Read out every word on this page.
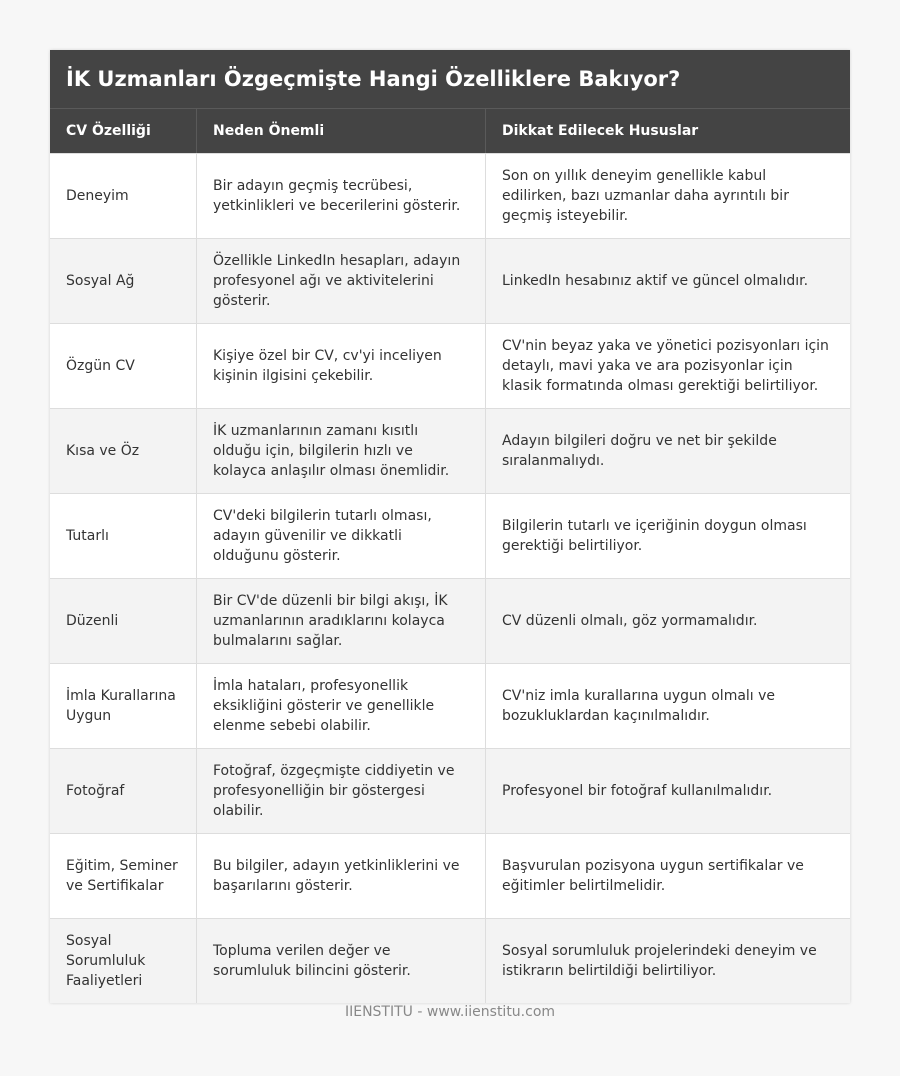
İK Uzmanları Özgeçmişte Hangi Özelliklere Bakıyor?
CV Özelliği	Neden Önemli	Dikkat Edilecek Hususlar
Deneyim
Bir adayın geçmiş tecrübesi, yetkinlikleri ve becerilerini gösterir.
Son on yıllık deneyim genellikle kabul edilirken, bazı uzmanlar daha ayrıntılı bir geçmiş isteyebilir.
Sosyal Ağ
Özellikle LinkedIn hesapları, adayın profesyonel ağı ve aktivitelerini gösterir.
LinkedIn hesabınız aktif ve güncel olmalıdır.
Özgün CV
Kişiye özel bir CV, cv'yi inceliyen kişinin ilgisini çekebilir.
CV'nin beyaz yaka ve yönetici pozisyonları için detaylı, mavi yaka ve ara pozisyonlar için klasik formatında olması gerektiği belirtiliyor.
Kısa ve Öz
İK uzmanlarının zamanı kısıtlı olduğu için, bilgilerin hızlı ve kolayca anlaşılır olması önemlidir.
Adayın bilgileri doğru ve net bir şekilde sıralanmalıydı.
Tutarlı
CV'deki bilgilerin tutarlı olması, adayın güvenilir ve dikkatli olduğunu gösterir.
Bilgilerin tutarlı ve içeriğinin doygun olması gerektiği belirtiliyor.
Düzenli
Bir CV'de düzenli bir bilgi akışı, İK uzmanlarının aradıklarını kolayca bulmalarını sağlar.
CV düzenli olmalı, göz yormamalıdır.
İmla Kurallarına Uygun
İmla hataları, profesyonellik eksikliğini gösterir ve genellikle elenme sebebi olabilir.
CV'niz imla kurallarına uygun olmalı ve bozukluklardan kaçınılmalıdır.
Fotoğraf
Fotoğraf, özgeçmişte ciddiyetin ve profesyonelliğin bir göstergesi olabilir.
Profesyonel bir fotoğraf kullanılmalıdır.
Eğitim, Seminer ve Sertifikalar
Bu bilgiler, adayın yetkinliklerini ve başarılarını gösterir.
Başvurulan pozisyona uygun sertifikalar ve eğitimler belirtilmelidir.
Sosyal Sorumluluk Faaliyetleri
Topluma verilen değer ve sorumluluk bilincini gösterir.
Sosyal sorumluluk projelerindeki deneyim ve istikrarın belirtildiği belirtiliyor.
IIENSTITU - www.iienstitu.com
